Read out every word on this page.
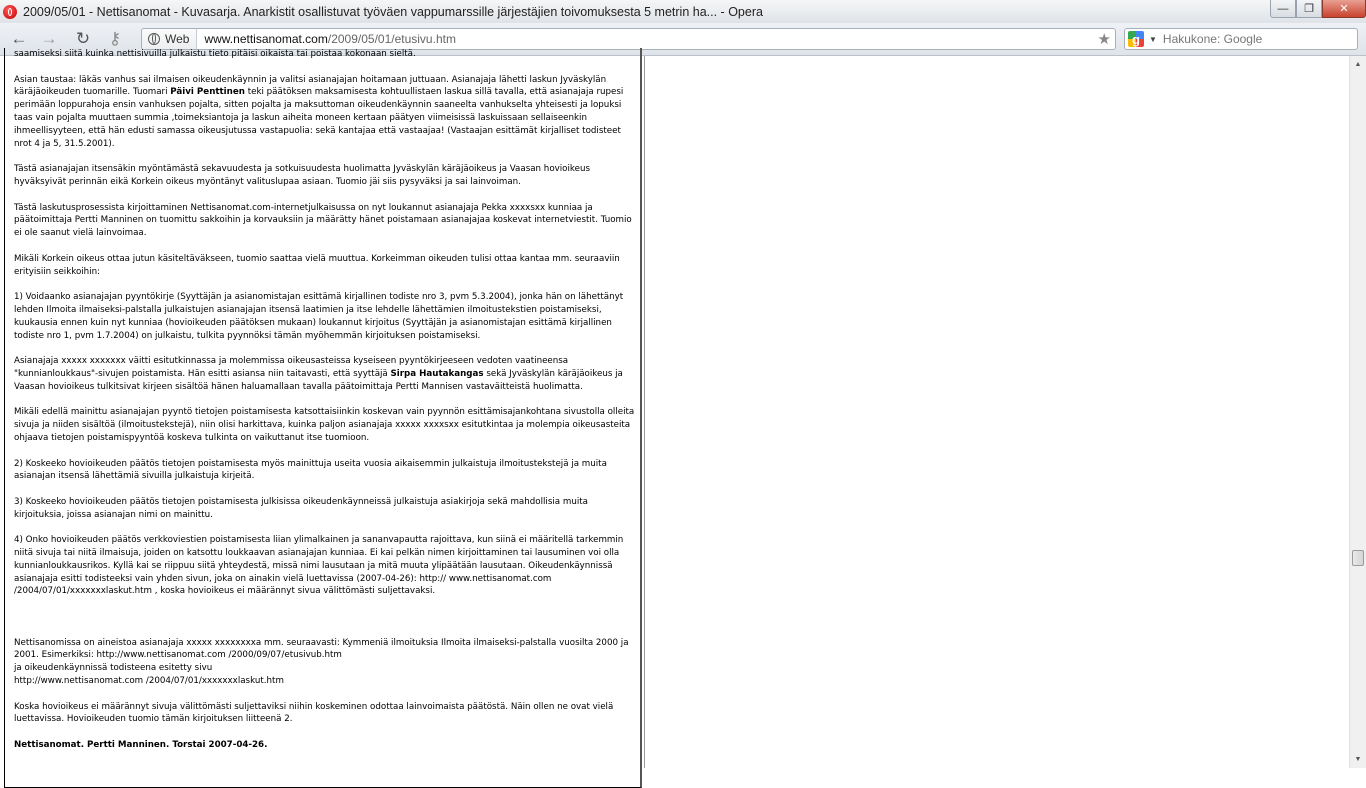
2009/05/01 - Nettisanomat - Kuvasarja. Anarkistit osallistuvat työväen vappumarssille järjestäjien toivomuksesta 5 metrin ha... - Opera	—	❐	✕
← → ↻ ⚷	Web www.nettisanomat.com/2009/05/01/etusivu.htm	★	g	▼ Hakukone: Google

saamiseksi siitä kuinka nettisivuilla julkaistu tieto pitäisi oikaista tai poistaa kokonaan sieltä.

Asian taustaa: läkäs vanhus sai ilmaisen oikeudenkäynnin ja valitsi asianajajan hoitamaan juttuaan. Asianajaja lähetti laskun Jyväskylän käräjäoikeuden tuomarille. Tuomari Päivi Penttinen teki päätöksen maksamisesta kohtuullistaen laskua sillä tavalla, että asianajaja rupesi perimään loppurahoja ensin vanhuksen pojalta, sitten pojalta ja maksuttoman oikeudenkäynnin saaneelta vanhukselta yhteisesti ja lopuksi taas vain pojalta muuttaen summia ,toimeksiantoja ja laskun aiheita moneen kertaan päätyen viimeisissä laskuissaan sellaiseenkin ihmeellisyyteen, että hän edusti samassa oikeusjutussa vastapuolia: sekä kantajaa että vastaajaa! (Vastaajan esittämät kirjalliset todisteet nrot 4 ja 5, 31.5.2001).

Tästä asianajajan itsensäkin myöntämästä sekavuudesta ja sotkuisuudesta huolimatta Jyväskylän käräjäoikeus ja Vaasan hovioikeus hyväksyivät perinnän eikä Korkein oikeus myöntänyt valituslupaa asiaan. Tuomio jäi siis pysyväksi ja sai lainvoiman.

Tästä laskutusprosessista kirjoittaminen Nettisanomat.com-internetjulkaisussa on nyt loukannut asianajaja Pekka xxxxsxx kunniaa ja päätoimittaja Pertti Manninen on tuomittu sakkoihin ja korvauksiin ja määrätty hänet poistamaan asianajajaa koskevat internetviestit. Tuomio ei ole saanut vielä lainvoimaa.

Mikäli Korkein oikeus ottaa jutun käsiteltäväkseen, tuomio saattaa vielä muuttua. Korkeimman oikeuden tulisi ottaa kantaa mm. seuraaviin erityisiin seikkoihin:

1) Voidaanko asianajajan pyyntökirje (Syyttäjän ja asianomistajan esittämä kirjallinen todiste nro 3, pvm 5.3.2004), jonka hän on lähettänyt lehden Ilmoita ilmaiseksi-palstalla julkaistujen asianajajan itsensä laatimien ja itse lehdelle lähettämien ilmoitustekstien poistamiseksi, kuukausia ennen kuin nyt kunniaa (hovioikeuden päätöksen mukaan) loukannut kirjoitus (Syyttäjän ja asianomistajan esittämä kirjallinen todiste nro 1, pvm 1.7.2004) on julkaistu, tulkita pyynnöksi tämän myöhemmän kirjoituksen poistamiseksi.

Asianajaja xxxxx xxxxxxx väitti esitutkinnassa ja molemmissa oikeusasteissa kyseiseen pyyntökirjeeseen vedoten vaatineensa "kunnianloukkaus"-sivujen poistamista. Hän esitti asiansa niin taitavasti, että syyttäjä Sirpa Hautakangas sekä Jyväskylän käräjäoikeus ja Vaasan hovioikeus tulkitsivat kirjeen sisältöä hänen haluamallaan tavalla päätoimittaja Pertti Mannisen vastaväitteistä huolimatta.

Mikäli edellä mainittu asianajajan pyyntö tietojen poistamisesta katsottaisiinkin koskevan vain pyynnön esittämisajankohtana sivustolla olleita sivuja ja niiden sisältöä (ilmoitustekstejä), niin olisi harkittava, kuinka paljon asianajaja xxxxx xxxxsxx esitutkintaa ja molempia oikeusasteita ohjaava tietojen poistamispyyntöä koskeva tulkinta on vaikuttanut itse tuomioon.

2) Koskeeko hovioikeuden päätös tietojen poistamisesta myös mainittuja useita vuosia aikaisemmin julkaistuja ilmoitustekstejä ja muita asianajan itsensä lähettämiä sivuilla julkaistuja kirjeitä.

3) Koskeeko hovioikeuden päätös tietojen poistamisesta julkisissa oikeudenkäynneissä julkaistuja asiakirjoja sekä mahdollisia muita kirjoituksia, joissa asianajan nimi on mainittu.

4) Onko hovioikeuden päätös verkkoviestien poistamisesta liian ylimalkainen ja sananvapautta rajoittava, kun siinä ei määritellä tarkemmin niitä sivuja tai niitä ilmaisuja, joiden on katsottu loukkaavan asianajajan kunniaa. Ei kai pelkän nimen kirjoittaminen tai lausuminen voi olla kunnianloukkausrikos. Kyllä kai se riippuu siitä yhteydestä, missä nimi lausutaan ja mitä muuta ylipäätään lausutaan. Oikeudenkäynnissä asianajaja esitti todisteeksi vain yhden sivun, joka on ainakin vielä luettavissa (2007-04-26): http:// www.nettisanomat.com /2004/07/01/xxxxxxxlaskut.htm , koska hovioikeus ei määrännyt sivua välittömästi suljettavaksi.

Nettisanomissa on aineistoa asianajaja xxxxx xxxxxxxxa mm. seuraavasti: Kymmeniä ilmoituksia Ilmoita ilmaiseksi-palstalla vuosilta 2000 ja 2001. Esimerkiksi: http://www.nettisanomat.com /2000/09/07/etusivub.htm
ja oikeudenkäynnissä todisteena esitetty sivu
http://www.nettisanomat.com /2004/07/01/xxxxxxxlaskut.htm

Koska hovioikeus ei määrännyt sivuja välittömästi suljettaviksi niihin koskeminen odottaa lainvoimaista päätöstä. Näin ollen ne ovat vielä luettavissa. Hovioikeuden tuomio tämän kirjoituksen liitteenä 2.

Nettisanomat. Pertti Manninen. Torstai 2007-04-26.

▲
▼
